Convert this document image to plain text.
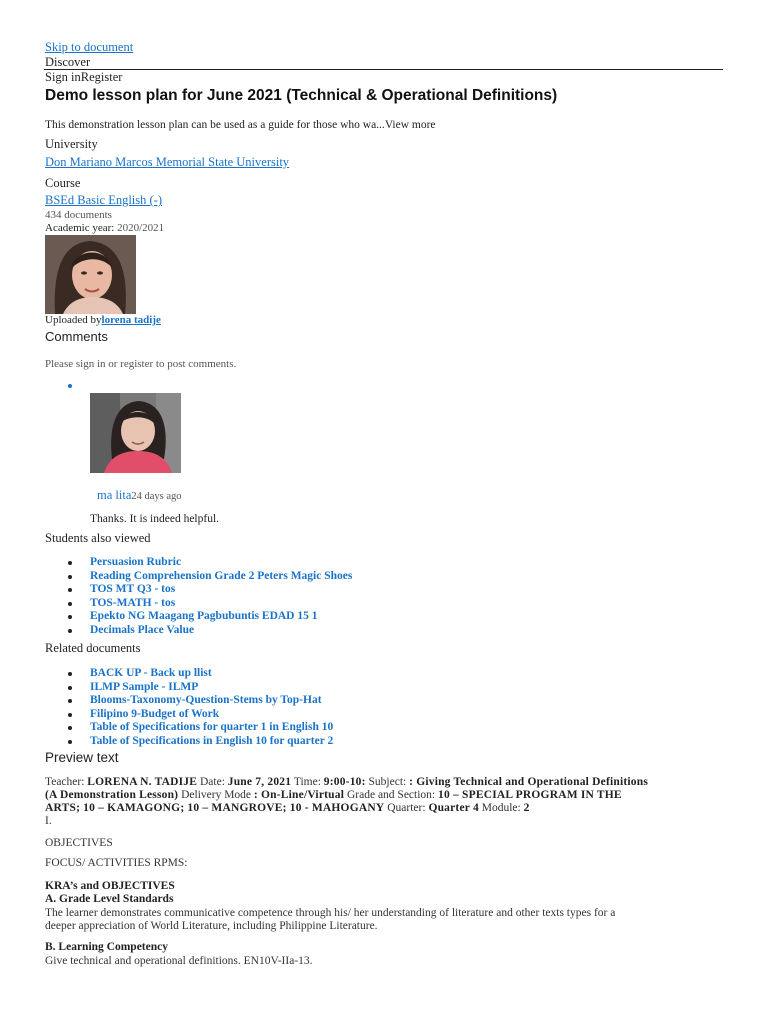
Skip to document
Discover
Sign inRegister
Demo lesson plan for June 2021 (Technical & Operational Definitions)
This demonstration lesson plan can be used as a guide for those who wa...View more
University
Don Mariano Marcos Memorial State University
Course
BSEd Basic English (-)
434 documents
Academic year: 2020/2021
Uploaded bylorena tadije
Comments
Please sign in or register to post comments.
ma lita24 days ago
Thanks. It is indeed helpful.
Students also viewed
Persuasion Rubric
Reading Comprehension Grade 2 Peters Magic Shoes
TOS MT Q3 - tos
TOS-MATH - tos
Epekto NG Maagang Pagbubuntis EDAD 15 1
Decimals Place Value
Related documents
BACK UP - Back up llist
ILMP Sample - ILMP
Blooms-Taxonomy-Question-Stems by Top-Hat
Filipino 9-Budget of Work
Table of Specifications for quarter 1 in English 10
Table of Specifications in English 10 for quarter 2
Preview text
Teacher: LORENA N. TADIJE Date: June 7, 2021 Time: 9:00-10: Subject: : Giving Technical and Operational Definitions
(A Demonstration Lesson) Delivery Mode : On-Line/Virtual Grade and Section: 10 – SPECIAL PROGRAM IN THE
ARTS; 10 – KAMAGONG; 10 – MANGROVE; 10 - MAHOGANY Quarter: Quarter 4 Module: 2
I.
OBJECTIVES
FOCUS/ ACTIVITIES RPMS:
KRA’s and OBJECTIVES
A. Grade Level Standards
The learner demonstrates communicative competence through his/ her understanding of literature and other texts types for a
deeper appreciation of World Literature, including Philippine Literature.
B. Learning Competency
Give technical and operational definitions. EN10V-IIa-13.
